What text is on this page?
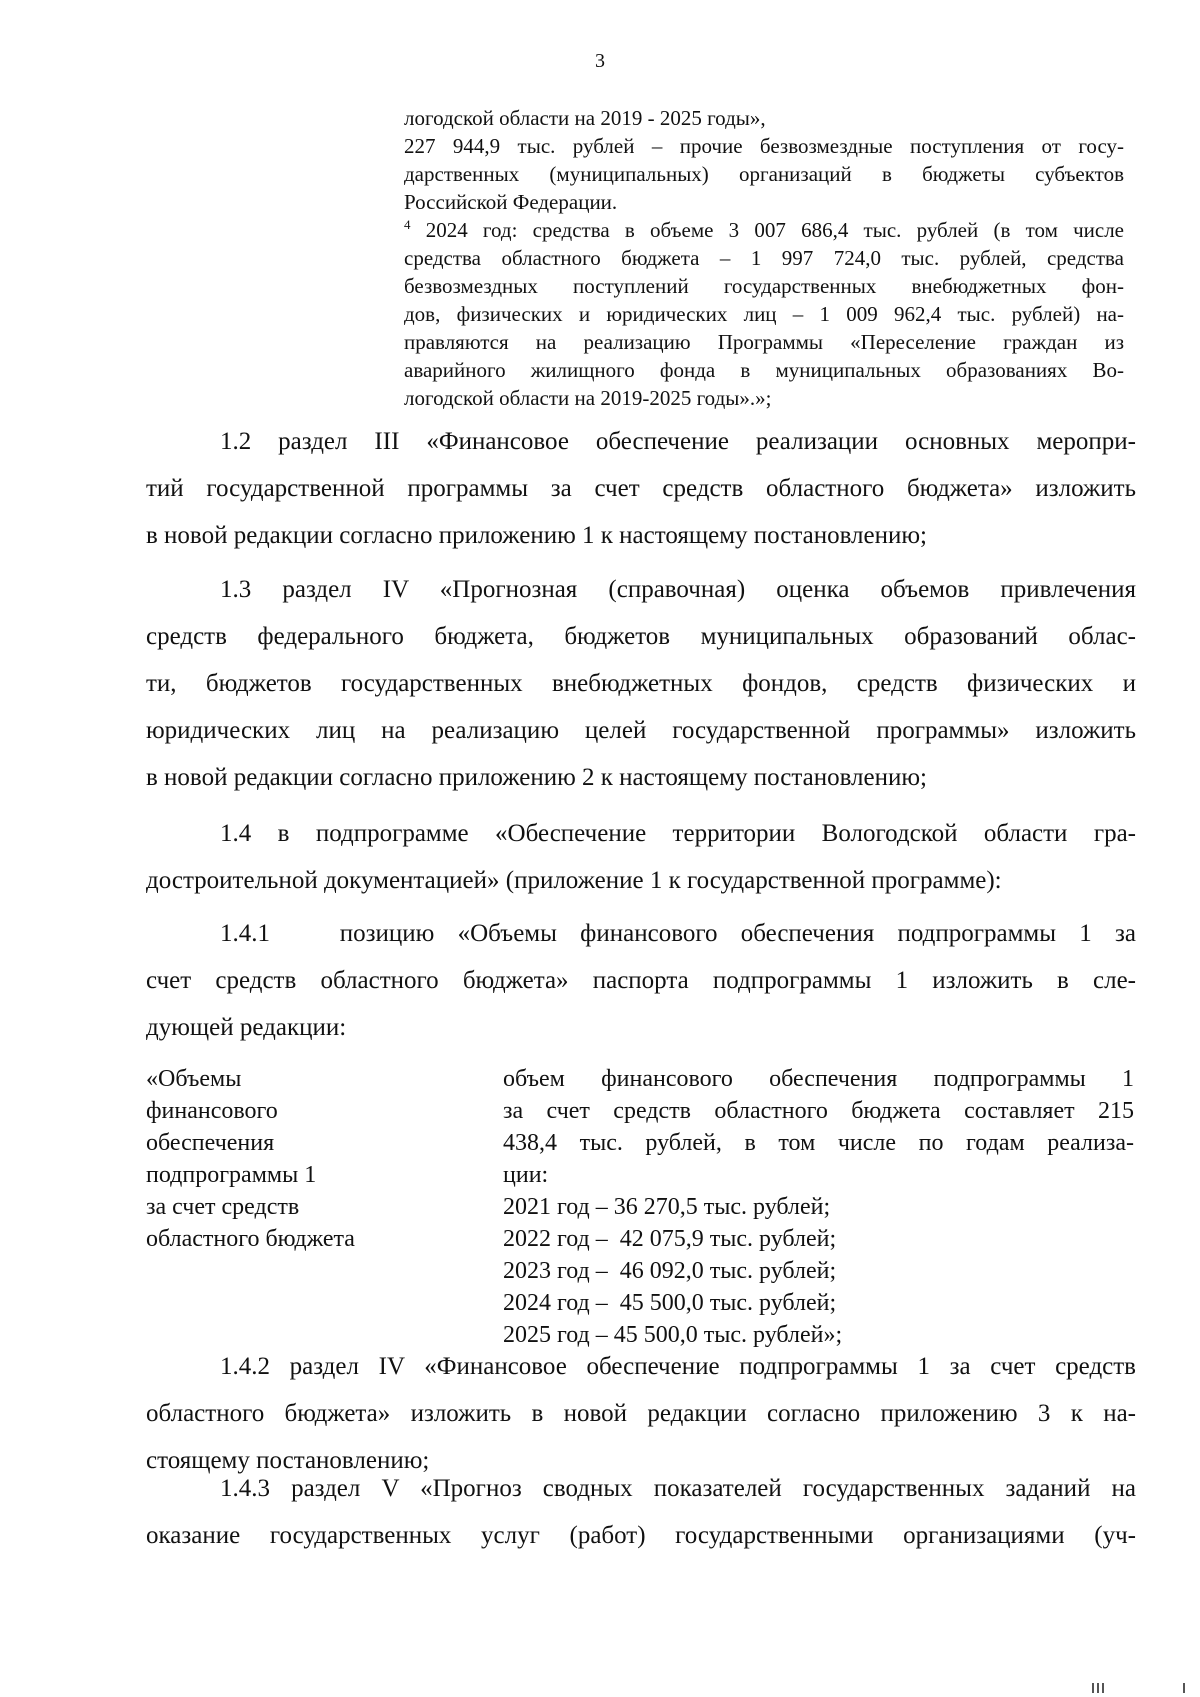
3
логодской области на 2019 - 2025 годы»,
227 944,9 тыс. рублей – прочие безвозмездные поступления от госу-
дарственных (муниципальных) организаций в бюджеты субъектов
Российской Федерации.
$^4$ 2024 год: средства в объеме 3 007 686,4 тыс. рублей (в том числе
средства областного бюджета – 1 997 724,0 тыс. рублей, средства
безвозмездных поступлений государственных внебюджетных фон-
дов, физических и юридических лиц – 1 009 962,4 тыс. рублей) на-
правляются на реализацию Программы «Переселение граждан из
аварийного жилищного фонда в муниципальных образованиях Во-
логодской области на 2019-2025 годы».»;
1.2 раздел III «Финансовое обеспечение реализации основных меропри-
тий государственной программы за счет средств областного бюджета» изложить
в новой редакции согласно приложению 1 к настоящему постановлению;
1.3 раздел IV «Прогнозная (справочная) оценка объемов привлечения
средств федерального бюджета, бюджетов муниципальных образований облас-
ти, бюджетов государственных внебюджетных фондов, средств физических и
юридических лиц на реализацию целей государственной программы» изложить
в новой редакции согласно приложению 2 к настоящему постановлению;
1.4 в подпрограмме «Обеспечение территории Вологодской области гра-
достроительной документацией» (приложение 1 к государственной программе):
1.4.1   позицию «Объемы финансового обеспечения подпрограммы 1 за
счет средств областного бюджета» паспорта подпрограммы 1 изложить в сле-
дующей редакции:
«Объемы
финансового
обеспечения
подпрограммы 1
за счет средств
областного бюджета
объем финансового обеспечения подпрограммы 1
за счет средств областного бюджета составляет 215
438,4 тыс. рублей, в том числе по годам реализа-
ции:
2021 год – 36 270,5 тыс. рублей;
2022 год –  42 075,9 тыс. рублей;
2023 год –  46 092,0 тыс. рублей;
2024 год –  45 500,0 тыс. рублей;
2025 год – 45 500,0 тыс. рублей»;
1.4.2 раздел IV «Финансовое обеспечение подпрограммы 1 за счет средств
областного бюджета» изложить в новой редакции согласно приложению 3 к на-
стоящему постановлению;
1.4.3 раздел V «Прогноз сводных показателей государственных заданий на
оказание государственных услуг (работ) государственными организациями (уч-
